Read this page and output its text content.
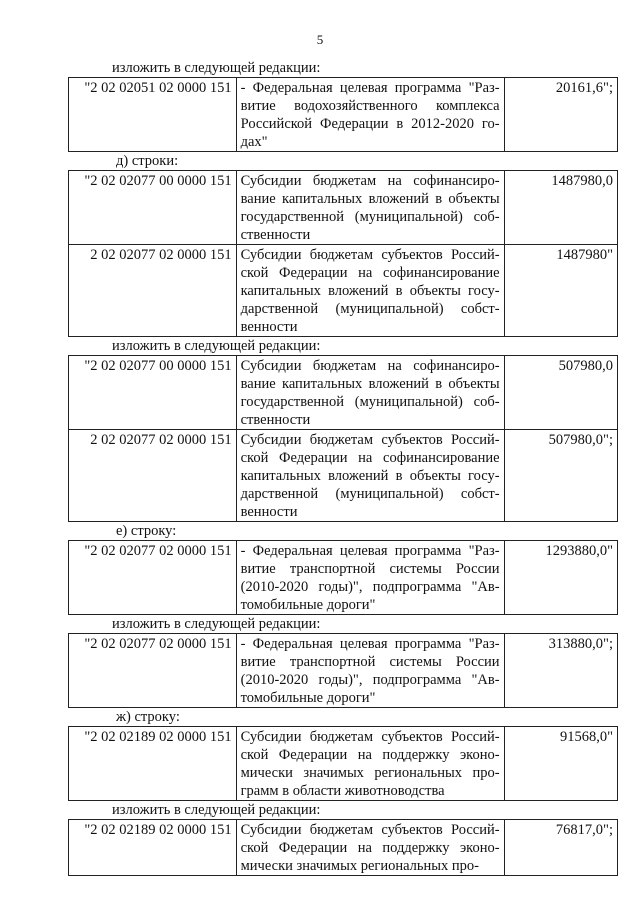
5
изложить в следующей редакции:
"2 02 02051 02 0000 151	- Федеральная целевая программа "Раз-
витие водохозяйственного комплекса
Российской Федерации в 2012-2020 го-
дах"
	20161,6";
д) строки:
"2 02 02077 00 0000 151	Субсидии бюджетам на софинансиро-
вание капитальных вложений в объекты
государственной (муниципальной) соб-
ственности	1487980,0
2 02 02077 02 0000 151	Субсидии бюджетам субъектов Россий-
ской Федерации на софинансирование
капитальных вложений в объекты госу-
дарственной (муниципальной) собст-
венности	1487980"
изложить в следующей редакции:
"2 02 02077 00 0000 151	Субсидии бюджетам на софинансиро-
вание капитальных вложений в объекты
государственной (муниципальной) соб-
ственности	507980,0
2 02 02077 02 0000 151	Субсидии бюджетам субъектов Россий-
ской Федерации на софинансирование
капитальных вложений в объекты госу-
дарственной (муниципальной) собст-
венности	507980,0";
е) строку:
"2 02 02077 02 0000 151	- Федеральная целевая программа "Раз-
витие транспортной системы России
(2010-2020 годы)", подпрограмма "Ав-
томобильные дороги"
	1293880,0"
изложить в следующей редакции:
"2 02 02077 02 0000 151	- Федеральная целевая программа "Раз-
витие транспортной системы России
(2010-2020 годы)", подпрограмма "Ав-
томобильные дороги"
	313880,0";
ж) строку:
"2 02 02189 02 0000 151	Субсидии бюджетам субъектов Россий-
ской Федерации на поддержку эконо-
мически значимых региональных про-
грамм в области животноводства
	91568,0"
изложить в следующей редакции:
"2 02 02189 02 0000 151	Субсидии бюджетам субъектов Россий-
ской Федерации на поддержку эконо-
мически значимых региональных про-
	76817,0";
